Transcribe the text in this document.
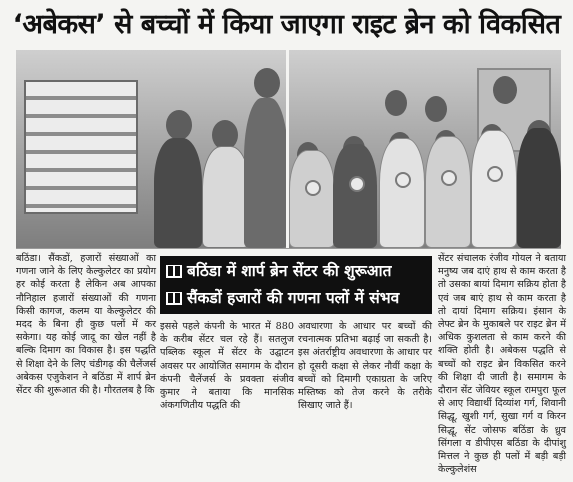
‘अबेकस’ से बच्चों में किया जाएगा राइट ब्रेन को विकसित
बठिंडा में शार्प ब्रेन सेंटर की शुरूआत
सैंकडों हजारों की गणना पलों में संभव

बठिंडा। सैंकडों, हजारों संख्याओं का गणना जाने के लिए केल्कुलेटर का प्रयोग हर कोई करता है लेकिन अब आपका नौनिहाल हजारों संख्याओं की गणना किसी कागज, कलम या केल्कुलेटर की मदद के बिना ही कुछ पलों में कर सकेगा। यह कोई जादू का खेल नहीं है बल्कि दिमाग का विकास है। इस पद्धति से शिक्षा देने के लिए चंडीगढ़ की चैलेंजर्स अबेकस एजुकेशन ने बठिंडा में शार्प ब्रेन सेंटर की शुरूआत की है। गौरतलब है कि

इससे पहले कंपनी के भारत में 880 के करीब सेंटर चल रहे हैं। सतलुज पब्लिक स्कूल में सेंटर के उद्घाटन अवसर पर आयोजित समागम के दौरान कंपनी चैलेंजर्स के प्रवक्ता संजीव कुमार ने बताया कि मानसिक अंकगणितीय पद्धति की

अवधारणा के आधार पर बच्चों की रचनात्मक प्रतिभा बढ़ाई जा सकती है। इस अंतर्राष्ट्रीय अवधारणा के आधार पर हो दूसरी कक्षा से लेकर नौवीं कक्षा के बच्चों को दिमागी एकाग्रता के जरिए मस्तिष्क को तेज करने के तरीके सिखाए जाते हैं।

सेंटर संचालक रंजीव गोयल ने बताया मनुष्य जब दाएं हाथ से काम करता है तो उसका बायां दिमाग सक्रिय होता है एवं जब बाएं हाथ से काम करता है तो दायां दिमाग सक्रिय। इंसान के लेफ्ट ब्रेन के मुकाबले पर राइट ब्रेन में अधिक कुशलता से काम करने की शक्ति होती है। अबेकस पद्धति से बच्चों को राइट ब्रेन विकसित करने की शिक्षा दी जाती है। समागम के दौरान सेंट जेवियर स्कूल रामपुरा फूल से आए विद्यार्थी दिव्यांश गर्ग, शिवानी सिद्धू, खुशी गर्ग, सुखा गर्ग व किरन सिद्धू, सेंट जोसफ बठिंडा के ध्रुव सिंगला व डीपीएस बठिंडा के दीपांशु मित्तल ने कुछ ही पलों में बड़ी बड़ी केल्कुलेशंस
